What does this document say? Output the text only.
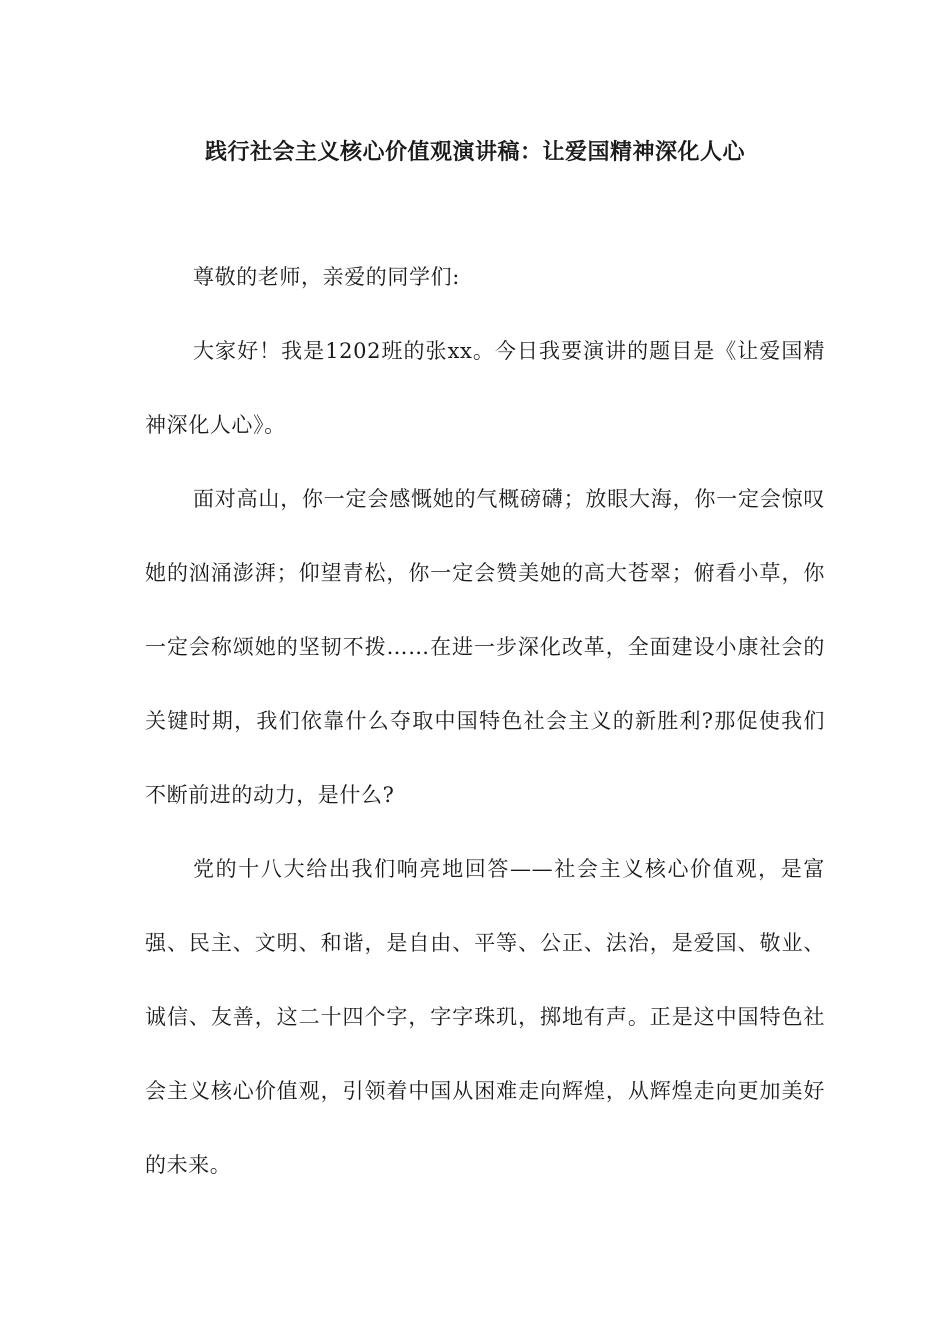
践行社会主义核心价值观演讲稿：让爱国精神深化人心

尊敬的老师，亲爱的同学们:

大家好！我是1202班的张xx。今日我要演讲的题目是《让爱国精神深化人心》。

面对高山，你一定会感慨她的气概磅礴；放眼大海，你一定会惊叹她的汹涌澎湃；仰望青松，你一定会赞美她的高大苍翠；俯看小草，你一定会称颂她的坚韧不拨……在进一步深化改革，全面建设小康社会的关键时期，我们依靠什么夺取中国特色社会主义的新胜利?那促使我们不断前进的动力，是什么?

党的十八大给出我们响亮地回答——社会主义核心价值观，是富强、民主、文明、和谐，是自由、平等、公正、法治，是爱国、敬业、诚信、友善，这二十四个字，字字珠玑，掷地有声。正是这中国特色社会主义核心价值观，引领着中国从困难走向辉煌，从辉煌走向更加美好的未来。
